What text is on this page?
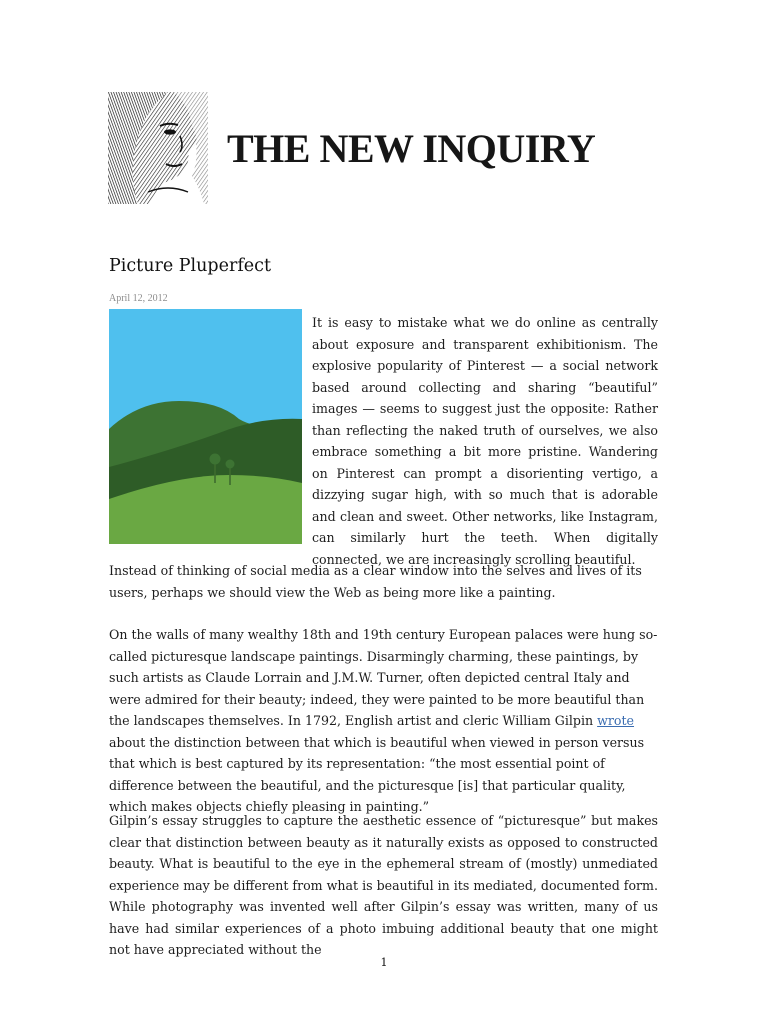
THE NEW INQUIRY
Picture Pluperfect
April 12, 2012

It is easy to mistake what we do online as centrally about exposure and transparent exhibitionism. The explosive popularity of Pinterest — a social network based around collecting and sharing “beautiful” images — seems to suggest just the opposite: Rather than reflecting the naked truth of ourselves, we also embrace something a bit more pristine. Wandering on Pinterest can prompt a disorienting vertigo, a dizzying sugar high, with so much that is adorable and clean and sweet. Other networks, like Instagram, can similarly hurt the teeth. When digitally connected, we are increasingly scrolling beautiful.

Instead of thinking of social media as a clear window into the selves and lives of its users, perhaps we should view the Web as being more like a painting.

On the walls of many wealthy 18th and 19th century European palaces were hung so-called picturesque landscape paintings. Disarmingly charming, these paintings, by such artists as Claude Lorrain and J.M.W. Turner, often depicted central Italy and were admired for their beauty; indeed, they were painted to be more beautiful than the landscapes themselves. In 1792, English artist and cleric William Gilpin wrote about the distinction between that which is beautiful when viewed in person versus that which is best captured by its representation: “the most essential point of difference between the beautiful, and the picturesque [is] that particular quality, which makes objects chiefly pleasing in painting.”

Gilpin’s essay struggles to capture the aesthetic essence of “picturesque” but makes clear that distinction between beauty as it naturally exists as opposed to constructed beauty. What is beautiful to the eye in the ephemeral stream of (mostly) unmediated experience may be different from what is beautiful in its mediated, documented form. While photography was invented well after Gilpin’s essay was written, many of us have had similar experiences of a photo imbuing additional beauty that one might not have appreciated without the

1
